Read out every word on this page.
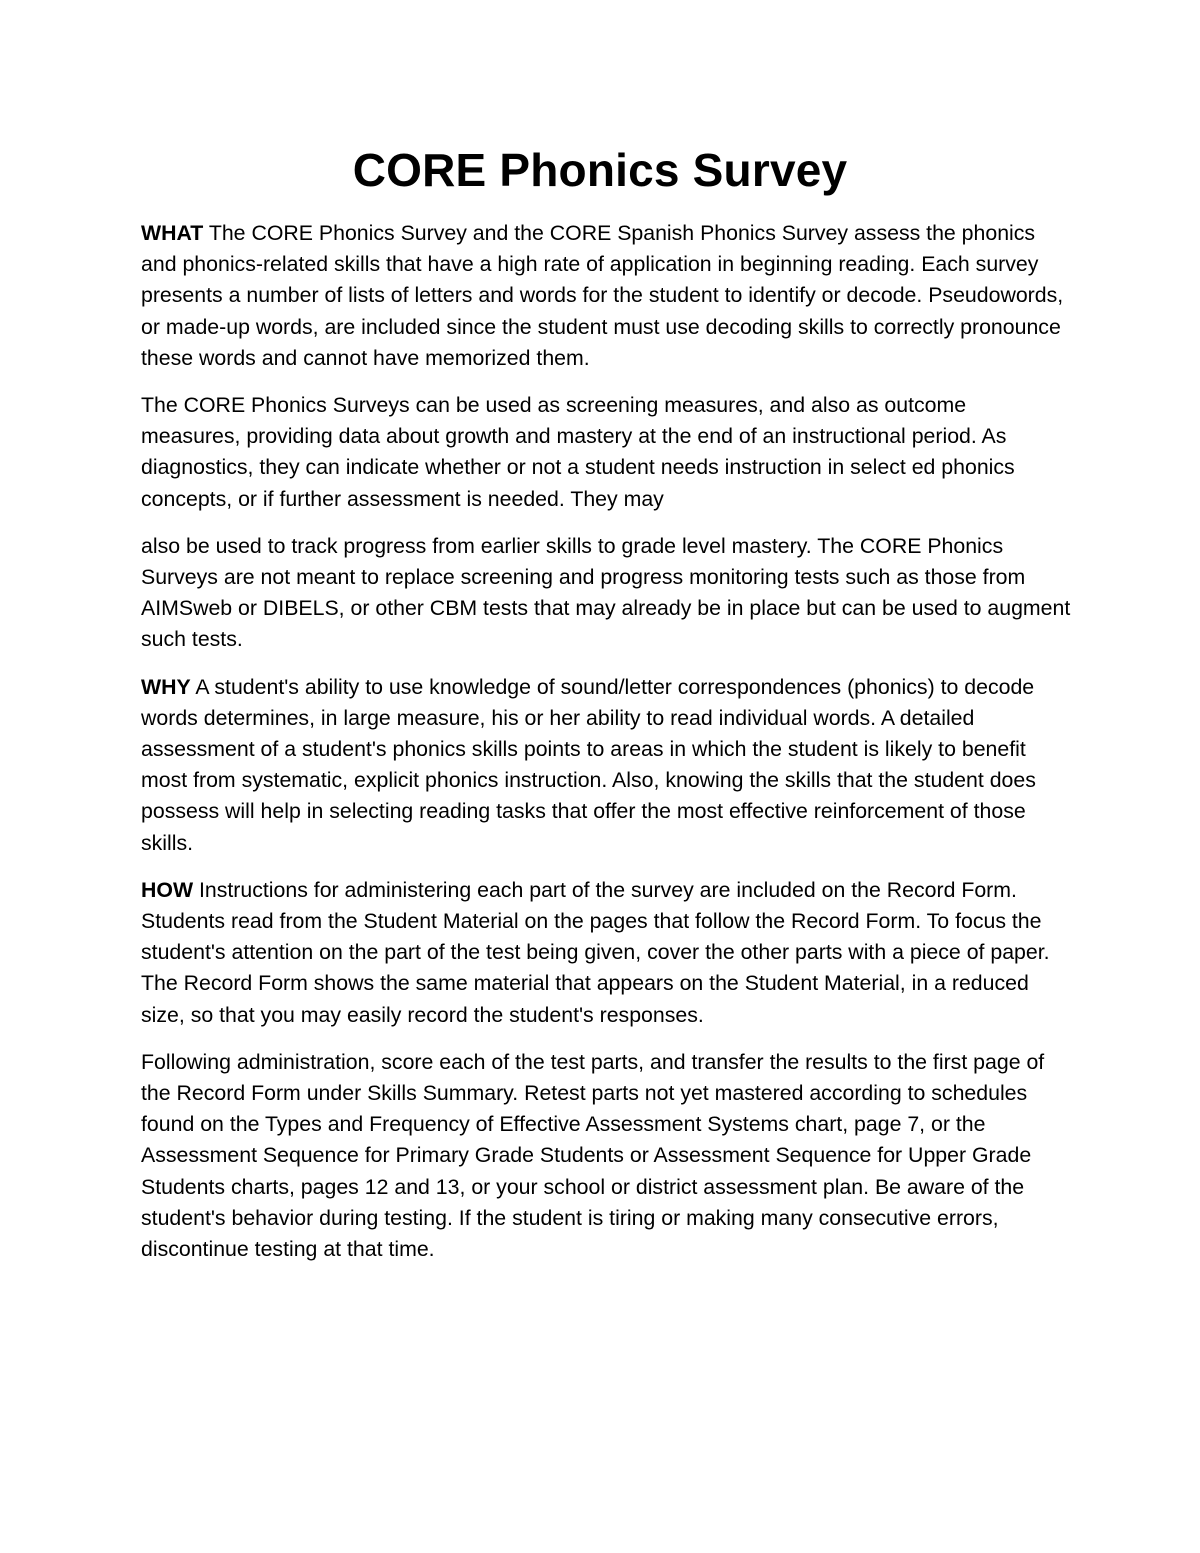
CORE Phonics Survey

WHAT The CORE Phonics Survey and the CORE Spanish Phonics Survey assess the phonics and phonics-related skills that have a high rate of application in beginning reading. Each survey presents a number of lists of letters and words for the student to identify or decode. Pseudowords, or made-up words, are included since the student must use decoding skills to correctly pronounce these words and cannot have memorized them.

The CORE Phonics Surveys can be used as screening measures, and also as outcome measures, providing data about growth and mastery at the end of an instructional period. As diagnostics, they can indicate whether or not a student needs instruction in select ed phonics concepts, or if further assessment is needed. They may

also be used to track progress from earlier skills to grade level mastery. The CORE Phonics Surveys are not meant to replace screening and progress monitoring tests such as those from AIMSweb or DIBELS, or other CBM tests that may already be in place but can be used to augment such tests.

WHY A student's ability to use knowledge of sound/letter correspondences (phonics) to decode words determines, in large measure, his or her ability to read individual words. A detailed assessment of a student's phonics skills points to areas in which the student is likely to benefit most from systematic, explicit phonics instruction. Also, knowing the skills that the student does possess will help in selecting reading tasks that offer the most effective reinforcement of those skills.

HOW Instructions for administering each part of the survey are included on the Record Form. Students read from the Student Material on the pages that follow the Record Form. To focus the student's attention on the part of the test being given, cover the other parts with a piece of paper. The Record Form shows the same material that appears on the Student Material, in a reduced size, so that you may easily record the student's responses.

Following administration, score each of the test parts, and transfer the results to the first page of the Record Form under Skills Summary. Retest parts not yet mastered according to schedules found on the Types and Frequency of Effective Assessment Systems chart, page 7, or the Assessment Sequence for Primary Grade Students or Assessment Sequence for Upper Grade Students charts, pages 12 and 13, or your school or district assessment plan. Be aware of the student's behavior during testing. If the student is tiring or making many consecutive errors, discontinue testing at that time.
